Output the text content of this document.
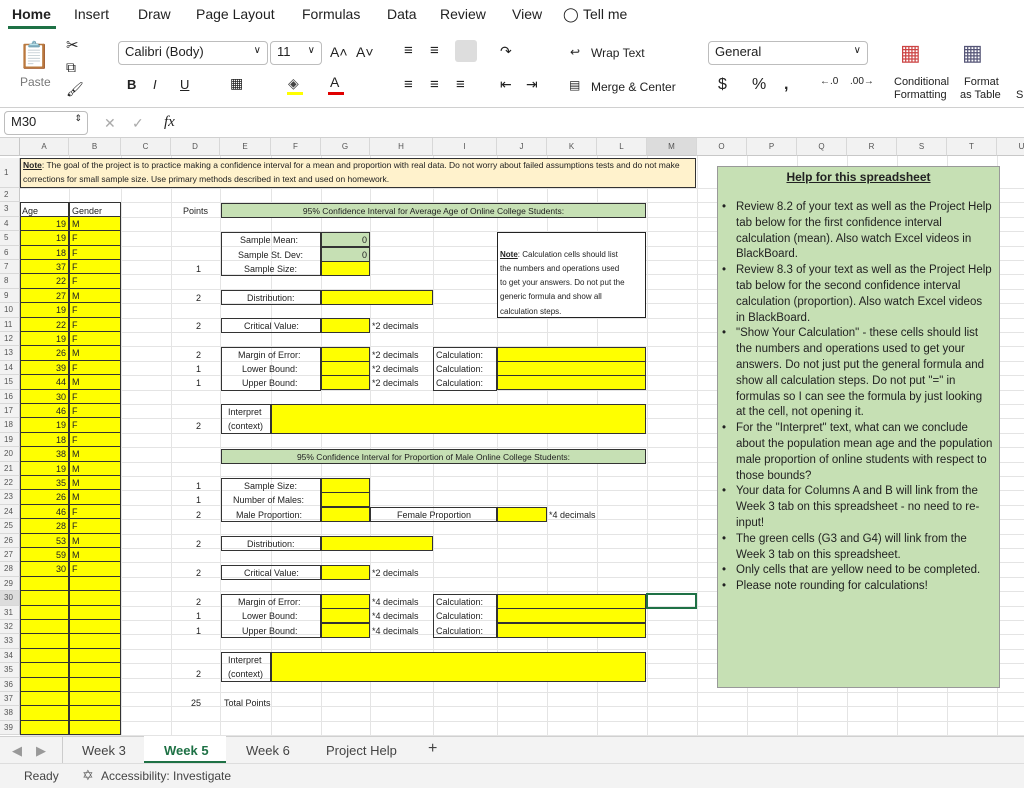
Home Insert Draw Page Layout Formulas Data Review View ◯ Tell me
📋
Paste
✂
⧉
🖌
Calibri (Body)	∨	11 ∨ A˄ A˅
B I U	▦	◈ A
≡ ≡
≡ ≡ ≡
↷
⇤ ⇥
↩ Wrap Text
▤ Merge & Center
General	∨
$ % ,	←.0 .00→
▦
Conditional
Formatting
▦
Format
as Table S
M30	⇕ ✕ ✓ fx
A	B	C	D	E	F	G	H	I	J	K	L	M	O	P	Q	R	S	T	U
1
2
3
4
5
6
7
8
9
10
11
12
13
14
15
16
17
18
19
20
21
22
23
24
25
26
27
28
29
30
31
32
33
34
35
36
37
38
39
Note: The goal of the project is to practice making a confidence interval for a mean and proportion with real data. Do not worry about failed assumptions tests and do not make corrections for small sample size. Use primary methods described in text and used on homework.
Age	Gender	Points
19 M
19 F
18 F
37 F
22 F
27 M
19 F
22 F
19 F
26 M
39 F
44 M
30 F
46 F
19 F
18 F
38 M
19 M
35 M
26 M
46 F
28 F
53 M
59 M
30 F
95% Confidence Interval for Average Age of Online College Students:
Sample Mean:	0
Sample St. Dev:	0
Sample Size:
Distribution:
Critical Value:	*2 decimals
Margin of Error:
Lower Bound:
Upper Bound:
*2 decimals
*2 decimals
*2 decimals
Calculation:
Calculation:
Calculation:
Interpret
(context)
Note: Calculation cells should list
the numbers and operations used
to get your answers. Do not put the
generic formula and show all
calculation steps.
95% Confidence Interval for Proportion of Male Online College Students:
Sample Size:
Number of Males:
Male Proportion:	Female Proportion	*4 decimals
Distribution:
Critical Value:	*2 decimals
Margin of Error:
Lower Bound:
Upper Bound:
*4 decimals
*4 decimals
*4 decimals
Calculation:
Calculation:
Calculation:
Interpret
(context)
1
2
2
2
1
1
2
1
1
2
2
2
2
1
1
2
25	Total Points
Help for this spreadsheet
• Review 8.2 of your text as well as the Project Help tab below for the first confidence interval calculation (mean). Also watch Excel videos in BlackBoard.
• Review 8.3 of your text as well as the Project Help tab below for the second confidence interval calculation (proportion). Also watch Excel videos in BlackBoard.
• "Show Your Calculation" - these cells should list the numbers and operations used to get your answers. Do not just put the general formula and show all calculation steps. Do not put "=" in formulas so I can see the formula by just looking at the cell, not opening it.
• For the "Interpret" text, what can we conclude about the population mean age and the population male proportion of online students with respect to those bounds?
• Your data for Columns A and B will link from the Week 3 tab on this spreadsheet - no need to re-input!
• The green cells (G3 and G4) will link from the Week 3 tab on this spreadsheet.
• Only cells that are yellow need to be completed.
• Please note rounding for calculations!
◀ ▶	Week 3	Week 5	Week 6	Project Help +
Ready ✡ Accessibility: Investigate
